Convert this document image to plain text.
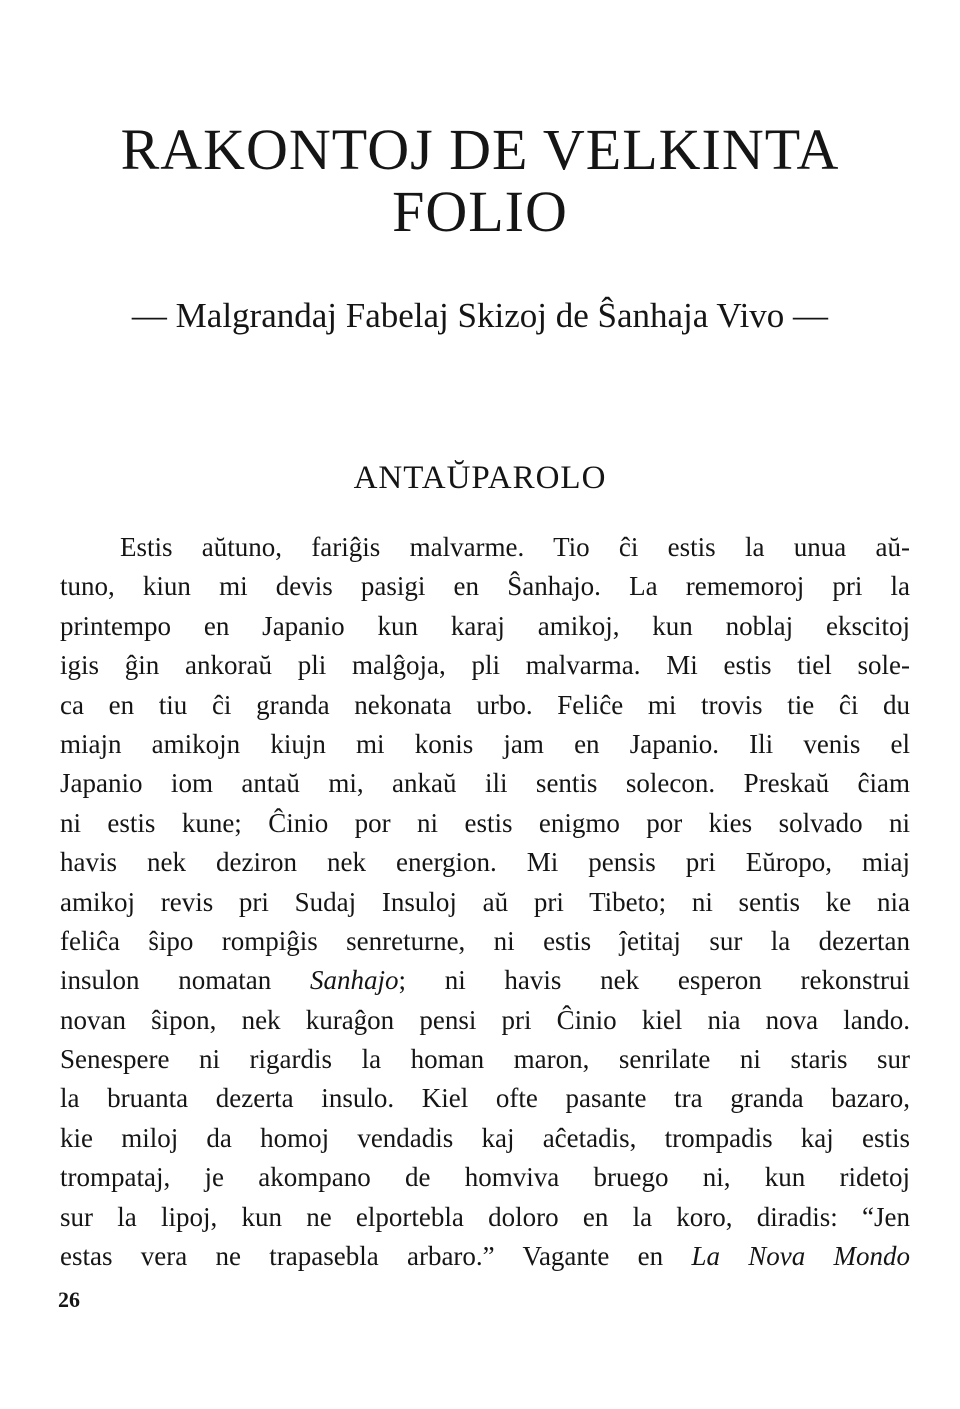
RAKONTOJ DE VELKINTA
FOLIO

— Malgrandaj Fabelaj Skizoj de Ŝanhaja Vivo —

ANTAŬPAROLO
Estis aŭtuno, fariĝis malvarme. Tio ĉi estis la unua aŭ-
tuno, kiun mi devis pasigi en Ŝanhajo. La rememoroj pri la
printempo en Japanio kun karaj amikoj, kun noblaj ekscitoj
igis ĝin ankoraŭ pli malĝoja, pli malvarma. Mi estis tiel sole-
ca en tiu ĉi granda nekonata urbo. Feliĉe mi trovis tie ĉi du
miajn amikojn kiujn mi konis jam en Japanio. Ili venis el
Japanio iom antaŭ mi, ankaŭ ili sentis solecon. Preskaŭ ĉiam
ni estis kune; Ĉinio por ni estis enigmo por kies solvado ni
havis nek deziron nek energion. Mi pensis pri Eŭropo, miaj
amikoj revis pri Sudaj Insuloj aŭ pri Tibeto; ni sentis ke nia
feliĉa ŝipo rompiĝis senreturne, ni estis ĵetitaj sur la dezertan
insulon nomatan Sanhajo; ni havis nek esperon rekonstrui
novan ŝipon, nek kuraĝon pensi pri Ĉinio kiel nia nova lando.
Senespere ni rigardis la homan maron, senrilate ni staris sur
la bruanta dezerta insulo. Kiel ofte pasante tra granda bazaro,
kie miloj da homoj vendadis kaj aĉetadis, trompadis kaj estis
trompataj, je akompano de homviva bruego ni, kun ridetoj
sur la lipoj, kun ne elportebla doloro en la koro, diradis: “Jen
estas vera ne trapasebla arbaro.” Vagante en La Nova Mondo
26
